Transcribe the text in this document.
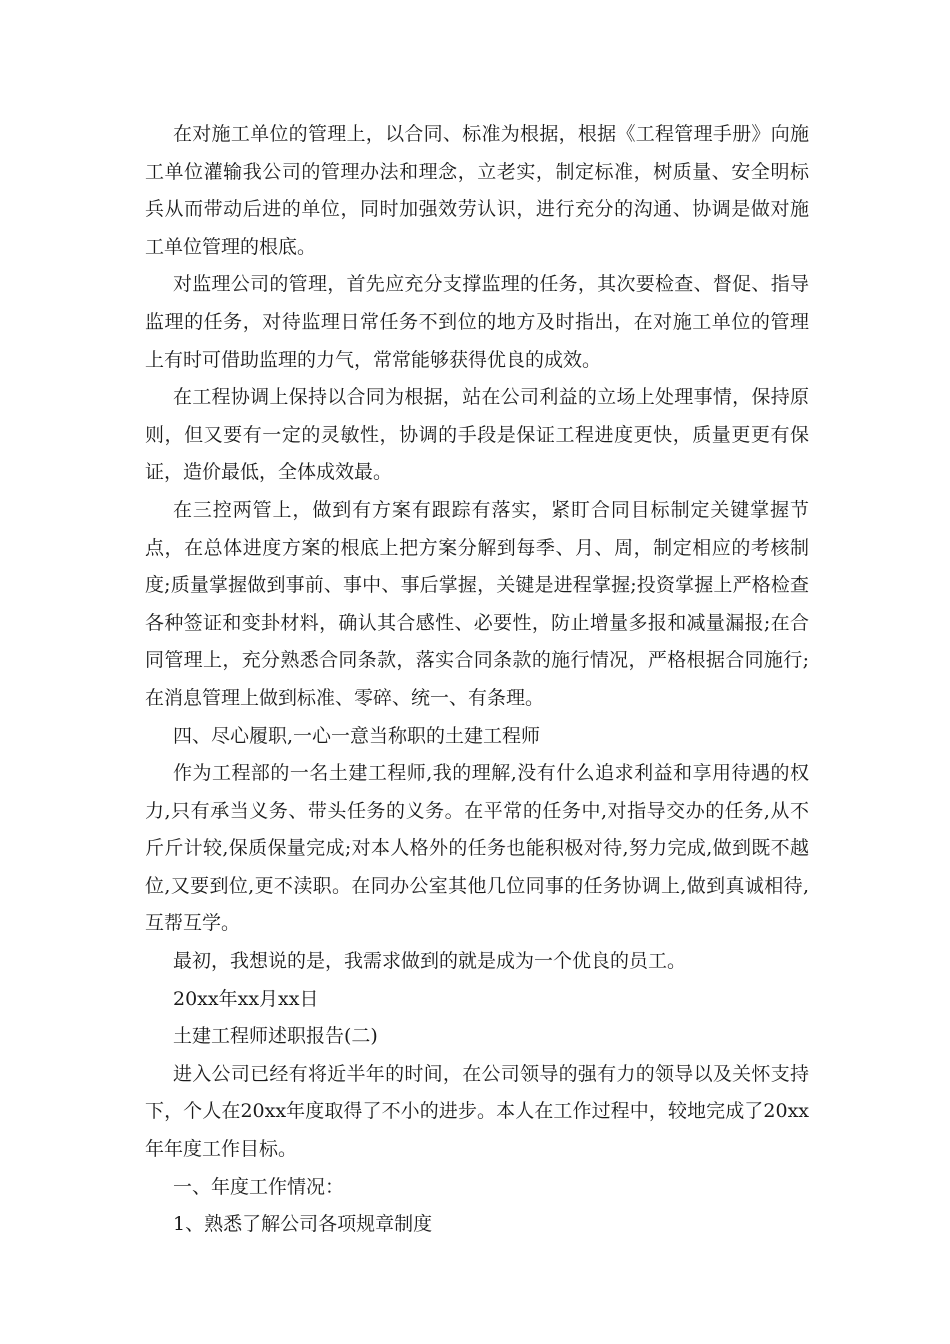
在对施工单位的管理上，以合同、标准为根据，根据《工程管理手册》向施工单位灌输我公司的管理办法和理念，立老实，制定标准，树质量、安全明标兵从而带动后进的单位，同时加强效劳认识，进行充分的沟通、协调是做对施工单位管理的根底。

对监理公司的管理，首先应充分支撑监理的任务，其次要检查、督促、指导监理的任务，对待监理日常任务不到位的地方及时指出，在对施工单位的管理上有时可借助监理的力气，常常能够获得优良的成效。

在工程协调上保持以合同为根据，站在公司利益的立场上处理事情，保持原则，但又要有一定的灵敏性，协调的手段是保证工程进度更快，质量更更有保证，造价最低，全体成效最。

在三控两管上，做到有方案有跟踪有落实，紧盯合同目标制定关键掌握节点，在总体进度方案的根底上把方案分解到每季、月、周，制定相应的考核制度;质量掌握做到事前、事中、事后掌握，关键是进程掌握;投资掌握上严格检查各种签证和变卦材料，确认其合感性、必要性，防止增量多报和减量漏报;在合同管理上，充分熟悉合同条款，落实合同条款的施行情况，严格根据合同施行;在消息管理上做到标准、零碎、统一、有条理。

四、尽心履职,一心一意当称职的土建工程师

作为工程部的一名土建工程师,我的理解,没有什么追求利益和享用待遇的权力,只有承当义务、带头任务的义务。在平常的任务中,对指导交办的任务,从不斤斤计较,保质保量完成;对本人格外的任务也能积极对待,努力完成,做到既不越位,又要到位,更不渎职。在同办公室其他几位同事的任务协调上,做到真诚相待,互帮互学。

最初，我想说的是，我需求做到的就是成为一个优良的员工。

20xx年xx月xx日

土建工程师述职报告(二)

进入公司已经有将近半年的时间，在公司领导的强有力的领导以及关怀支持下，个人在20xx年度取得了不小的进步。本人在工作过程中，较地完成了20xx年年度工作目标。

一、年度工作情况：

1、熟悉了解公司各项规章制度
